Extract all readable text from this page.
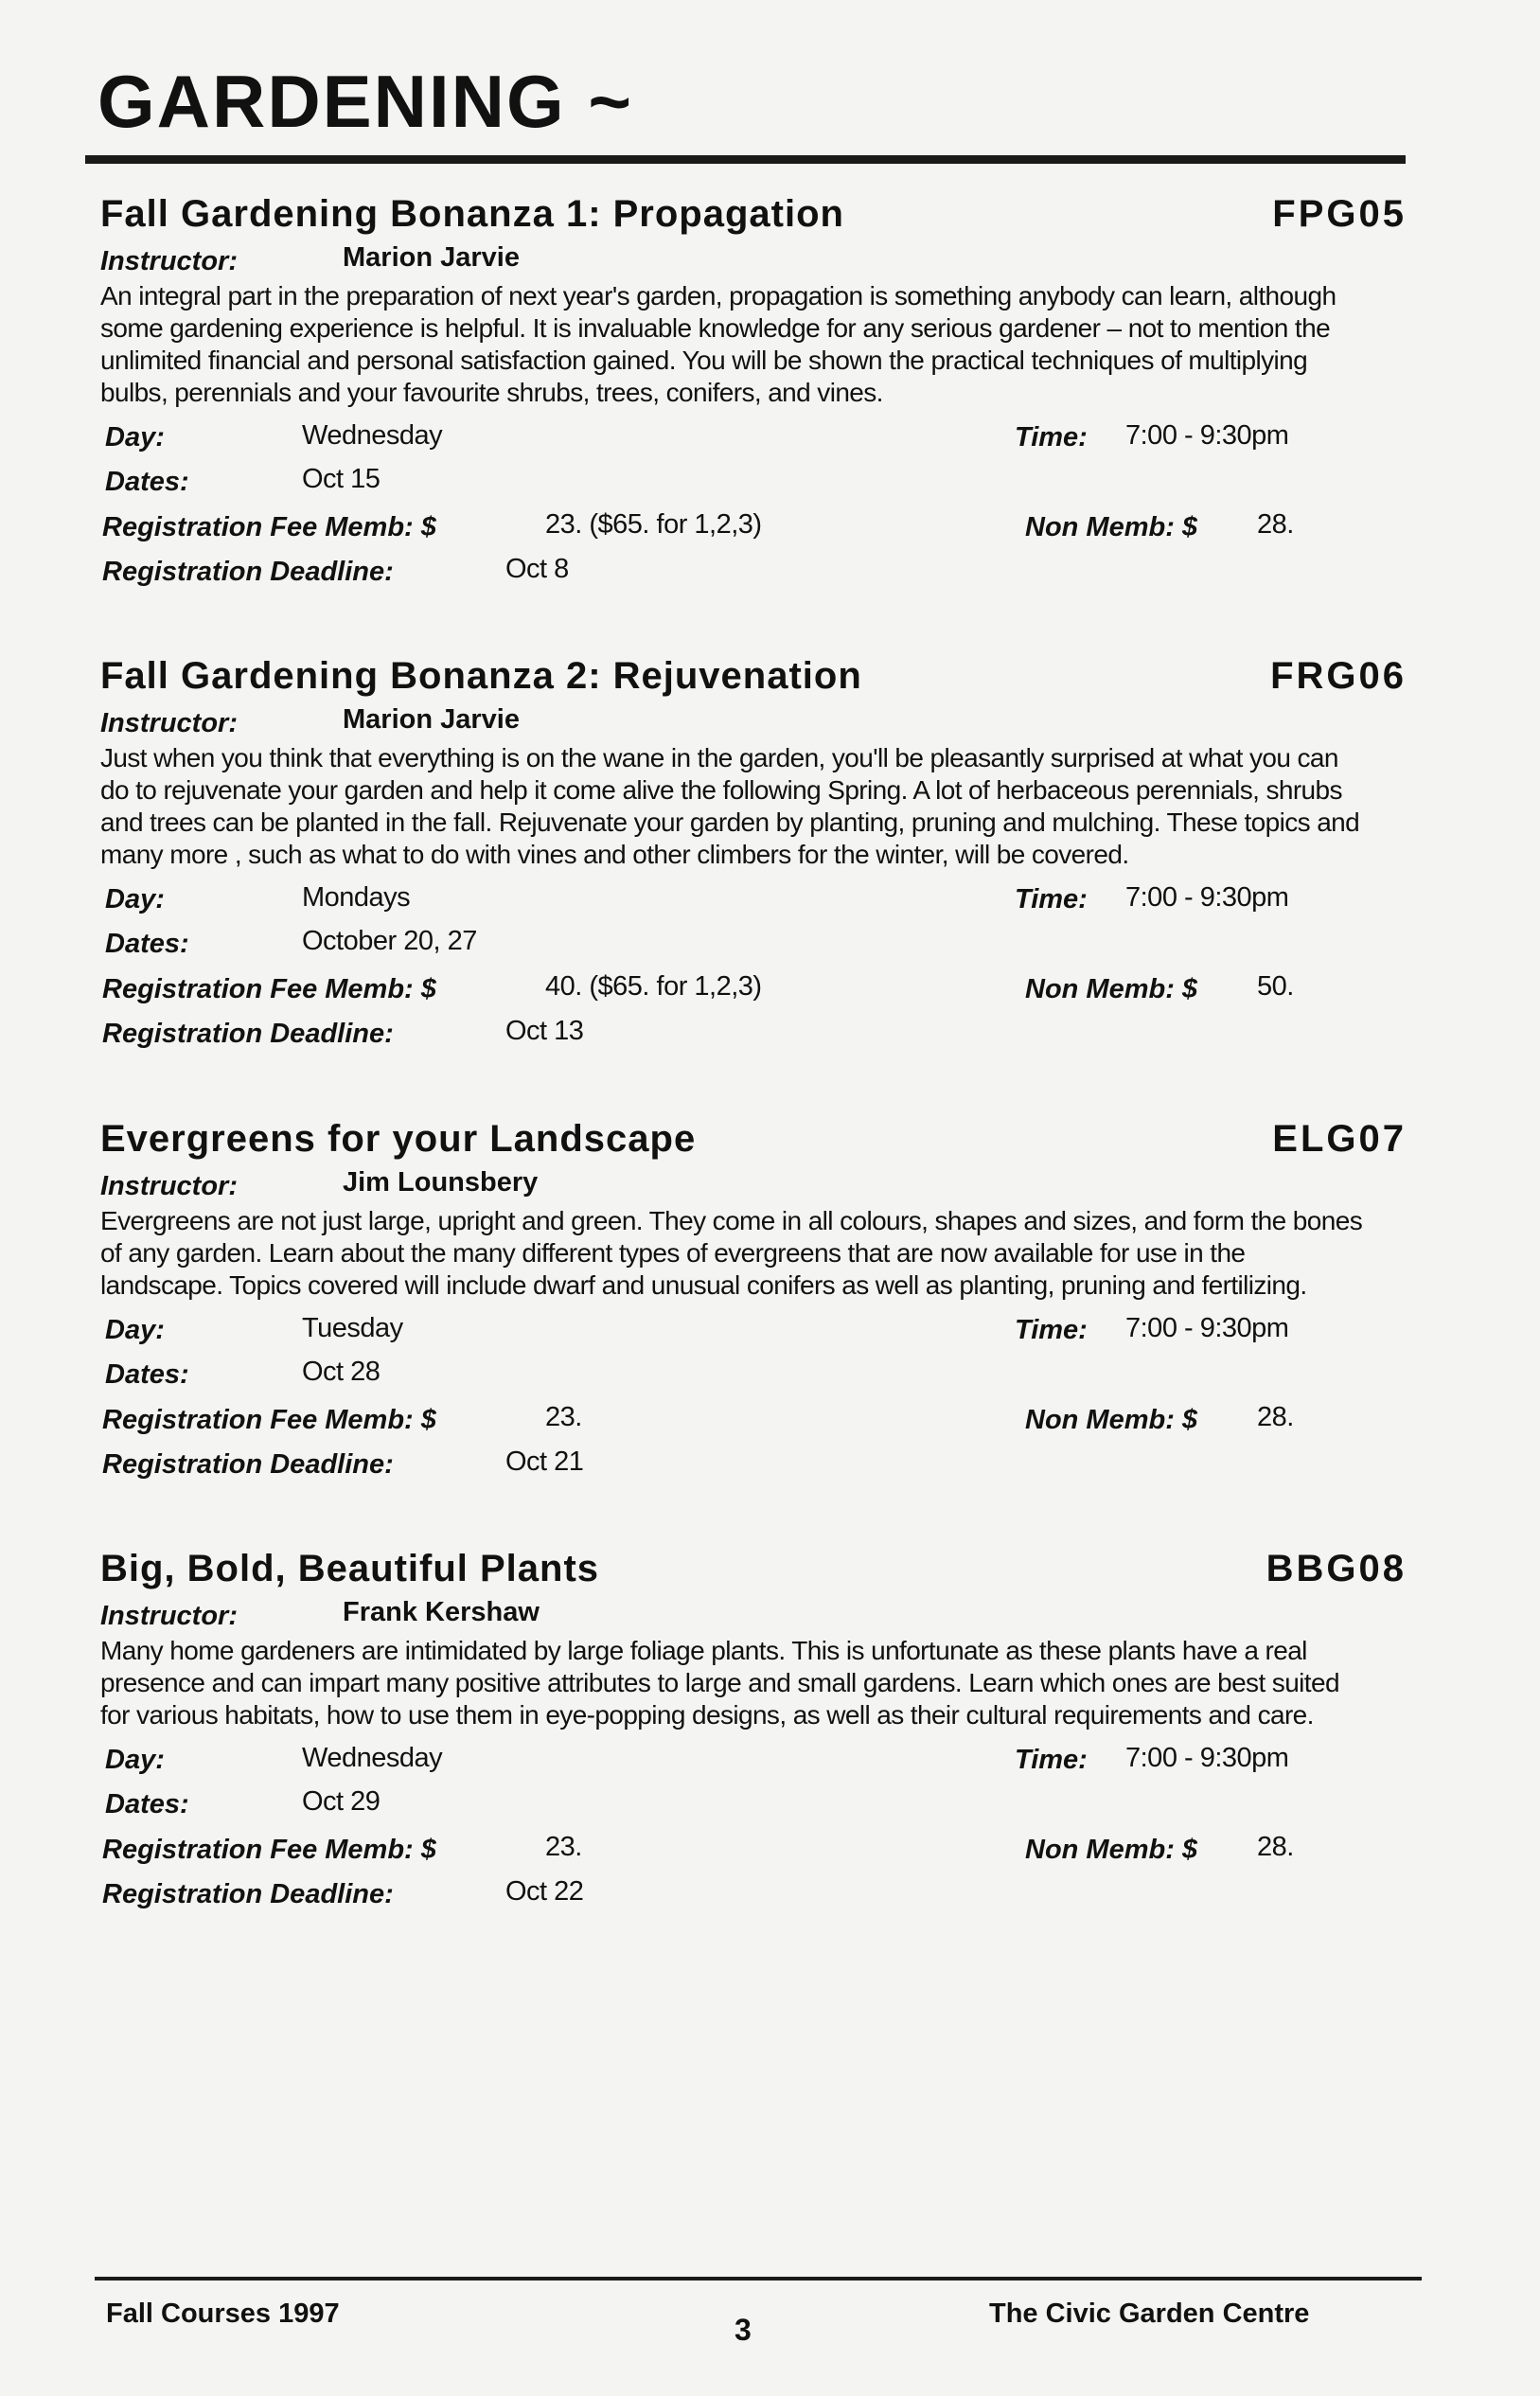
GARDENING ~
Fall Gardening Bonanza 1: Propagation	FPG05
Instructor:	Marion Jarvie

An integral part in the preparation of next year's garden, propagation is something anybody can learn, although some gardening experience is helpful. It is invaluable knowledge for any serious gardener – not to mention the unlimited financial and personal satisfaction gained. You will be shown the practical techniques of multiplying bulbs, perennials and your favourite shrubs, trees, conifers, and vines.

Day:	Wednesday	Time: 7:00 - 9:30pm
Dates:	Oct 15
Registration Fee Memb: $	23. ($65. for 1,2,3)	Non Memb: $ 28.
Registration Deadline:	Oct 8
Fall Gardening Bonanza 2: Rejuvenation	FRG06
Instructor:	Marion Jarvie

Just when you think that everything is on the wane in the garden, you'll be pleasantly surprised at what you can do to rejuvenate your garden and help it come alive the following Spring. A lot of herbaceous perennials, shrubs and trees can be planted in the fall. Rejuvenate your garden by planting, pruning and mulching. These topics and many more , such as what to do with vines and other climbers for the winter, will be covered.

Day:	Mondays	Time: 7:00 - 9:30pm
Dates:	October 20, 27
Registration Fee Memb: $	40. ($65. for 1,2,3)	Non Memb: $ 50.
Registration Deadline:	Oct 13
Evergreens for your Landscape	ELG07
Instructor:	Jim Lounsbery

Evergreens are not just large, upright and green. They come in all colours, shapes and sizes, and form the bones of any garden. Learn about the many different types of evergreens that are now available for use in the landscape. Topics covered will include dwarf and unusual conifers as well as planting, pruning and fertilizing.

Day:	Tuesday	Time: 7:00 - 9:30pm
Dates:	Oct 28
Registration Fee Memb: $	23.	Non Memb: $ 28.
Registration Deadline:	Oct 21
Big, Bold, Beautiful Plants	BBG08
Instructor:	Frank Kershaw

Many home gardeners are intimidated by large foliage plants. This is unfortunate as these plants have a real presence and can impart many positive attributes to large and small gardens. Learn which ones are best suited for various habitats, how to use them in eye-popping designs, as well as their cultural requirements and care.

Day:	Wednesday	Time: 7:00 - 9:30pm
Dates:	Oct 29
Registration Fee Memb: $	23.	Non Memb: $ 28.
Registration Deadline:	Oct 22
Fall Courses 1997	3	The Civic Garden Centre
